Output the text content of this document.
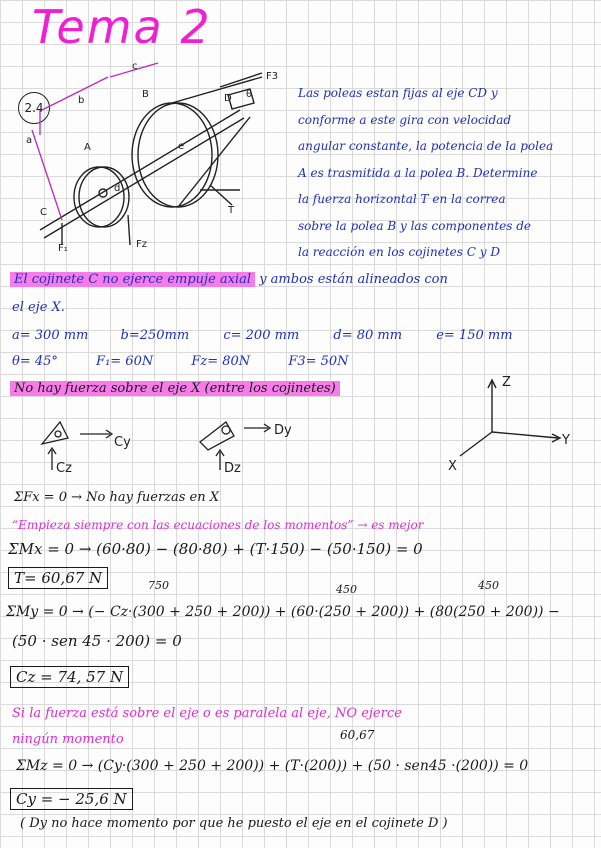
Tema 2
2.4
a
b
c
A
B
C
D
d
e
θ
F3
F₁	Fz
T
Las poleas estan fijas al eje CD y
conforme a este gira con velocidad
angular constante, la potencia de la polea
A es trasmitida a la polea B. Determine
la fuerza horizontal T en la correa
sobre la polea B y las componentes de
la reacción en los cojinetes C y D
El cojinete C no ejerce empuje axial y ambos están alineados con
el eje X.
a= 300 mm b=250mm	c= 200 mm	d= 80 mm	e= 150 mm
θ= 45°	F₁= 60N	Fz= 80N	F3= 50N
No hay fuerza sobre el eje X (entre los cojinetes)
Cy
Cz
Dy
Dz
Z
Y
X
ΣFx = 0 → No hay fuerzas en X
“Empieza siempre con las ecuaciones de los momentos” → es mejor
ΣMx = 0 → (60·80) − (80·80) + (T·150) − (50·150) = 0
T= 60,67 N	750	450	450
ΣMy = 0 → (− Cz·(300 + 250 + 200)) + (60·(250 + 200)) + (80(250 + 200)) −
(50 · sen 45 · 200) = 0
Cz = 74, 57 N
Si la fuerza está sobre el eje o es paralela al eje, NO ejerce
ningún momento	60,67
ΣMz = 0 → (Cy·(300 + 250 + 200)) + (T·(200)) + (50 · sen45 ·(200)) = 0
Cy = − 25,6 N
( Dy no hace momento por que he puesto el eje en el cojinete D )
